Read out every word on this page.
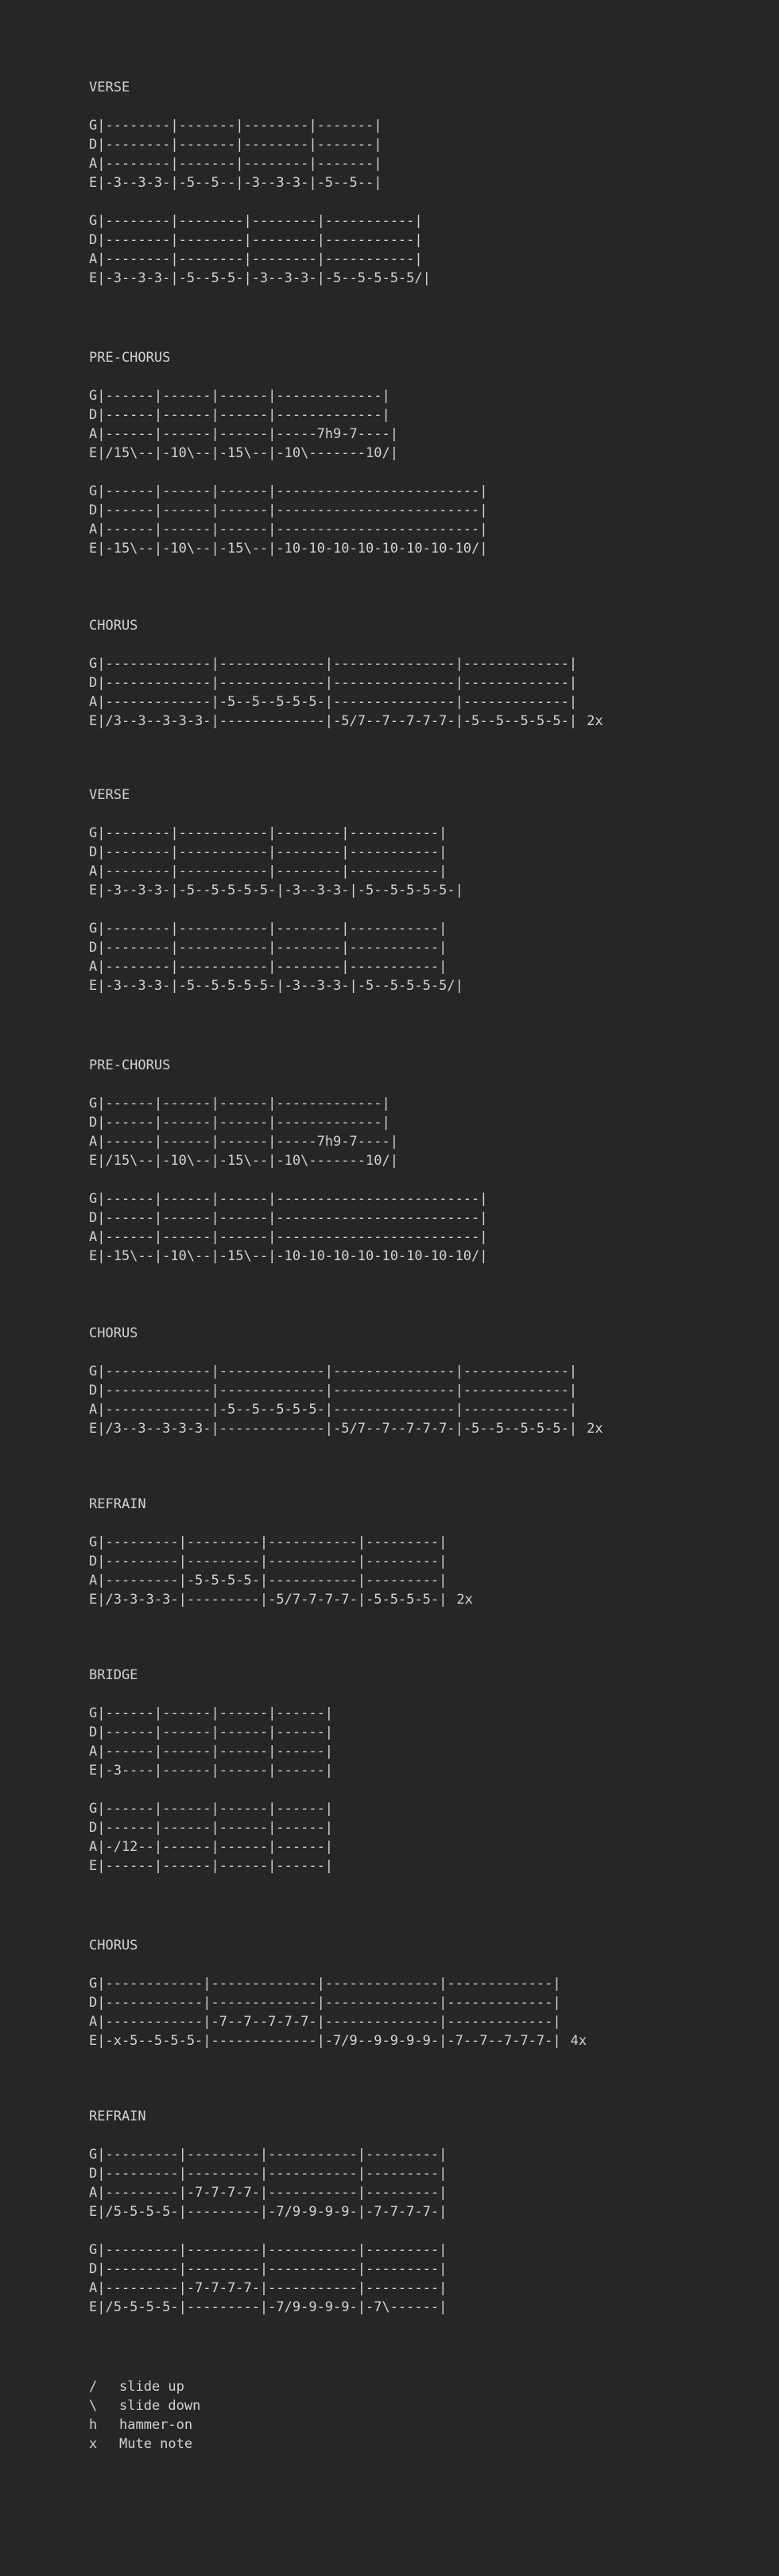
VERSE
G|--------|-------|--------|-------|
D|--------|-------|--------|-------|
A|--------|-------|--------|-------|
E|-3--3-3-|-5--5--|-3--3-3-|-5--5--|
G|--------|--------|--------|-----------|
D|--------|--------|--------|-----------|
A|--------|--------|--------|-----------|
E|-3--3-3-|-5--5-5-|-3--3-3-|-5--5-5-5-5/|
PRE-CHORUS
G|------|------|------|-------------|
D|------|------|------|-------------|
A|------|------|------|-----7h9-7----|
E|/15\--|-10\--|-15\--|-10\-------10/|
G|------|------|------|-------------------------|
D|------|------|------|-------------------------|
A|------|------|------|-------------------------|
E|-15\--|-10\--|-15\--|-10-10-10-10-10-10-10-10/|
CHORUS
G|-------------|-------------|---------------|-------------|
D|-------------|-------------|---------------|-------------|
A|-------------|-5--5--5-5-5-|---------------|-------------|
E|/3--3--3-3-3-|-------------|-5/7--7--7-7-7-|-5--5--5-5-5-| 2x
VERSE
G|--------|-----------|--------|-----------|
D|--------|-----------|--------|-----------|
A|--------|-----------|--------|-----------|
E|-3--3-3-|-5--5-5-5-5-|-3--3-3-|-5--5-5-5-5-|
G|--------|-----------|--------|-----------|
D|--------|-----------|--------|-----------|
A|--------|-----------|--------|-----------|
E|-3--3-3-|-5--5-5-5-5-|-3--3-3-|-5--5-5-5-5/|
PRE-CHORUS
G|------|------|------|-------------|
D|------|------|------|-------------|
A|------|------|------|-----7h9-7----|
E|/15\--|-10\--|-15\--|-10\-------10/|
G|------|------|------|-------------------------|
D|------|------|------|-------------------------|
A|------|------|------|-------------------------|
E|-15\--|-10\--|-15\--|-10-10-10-10-10-10-10-10/|
CHORUS
G|-------------|-------------|---------------|-------------|
D|-------------|-------------|---------------|-------------|
A|-------------|-5--5--5-5-5-|---------------|-------------|
E|/3--3--3-3-3-|-------------|-5/7--7--7-7-7-|-5--5--5-5-5-| 2x
REFRAIN
G|---------|---------|-----------|---------|
D|---------|---------|-----------|---------|
A|---------|-5-5-5-5-|-----------|---------|
E|/3-3-3-3-|---------|-5/7-7-7-7-|-5-5-5-5-| 2x
BRIDGE
G|------|------|------|------|
D|------|------|------|------|
A|------|------|------|------|
E|-3----|------|------|------|
G|------|------|------|------|
D|------|------|------|------|
A|-/12--|------|------|------|
E|------|------|------|------|
CHORUS
G|------------|-------------|--------------|-------------|
D|------------|-------------|--------------|-------------|
A|------------|-7--7--7-7-7-|--------------|-------------|
E|-x-5--5-5-5-|-------------|-7/9--9-9-9-9-|-7--7--7-7-7-| 4x
REFRAIN
G|---------|---------|-----------|---------|
D|---------|---------|-----------|---------|
A|---------|-7-7-7-7-|-----------|---------|
E|/5-5-5-5-|---------|-7/9-9-9-9-|-7-7-7-7-|
G|---------|---------|-----------|---------|
D|---------|---------|-----------|---------|
A|---------|-7-7-7-7-|-----------|---------|
E|/5-5-5-5-|---------|-7/9-9-9-9-|-7\------|
/ slide up
\ slide down
h hammer-on
x Mute note
